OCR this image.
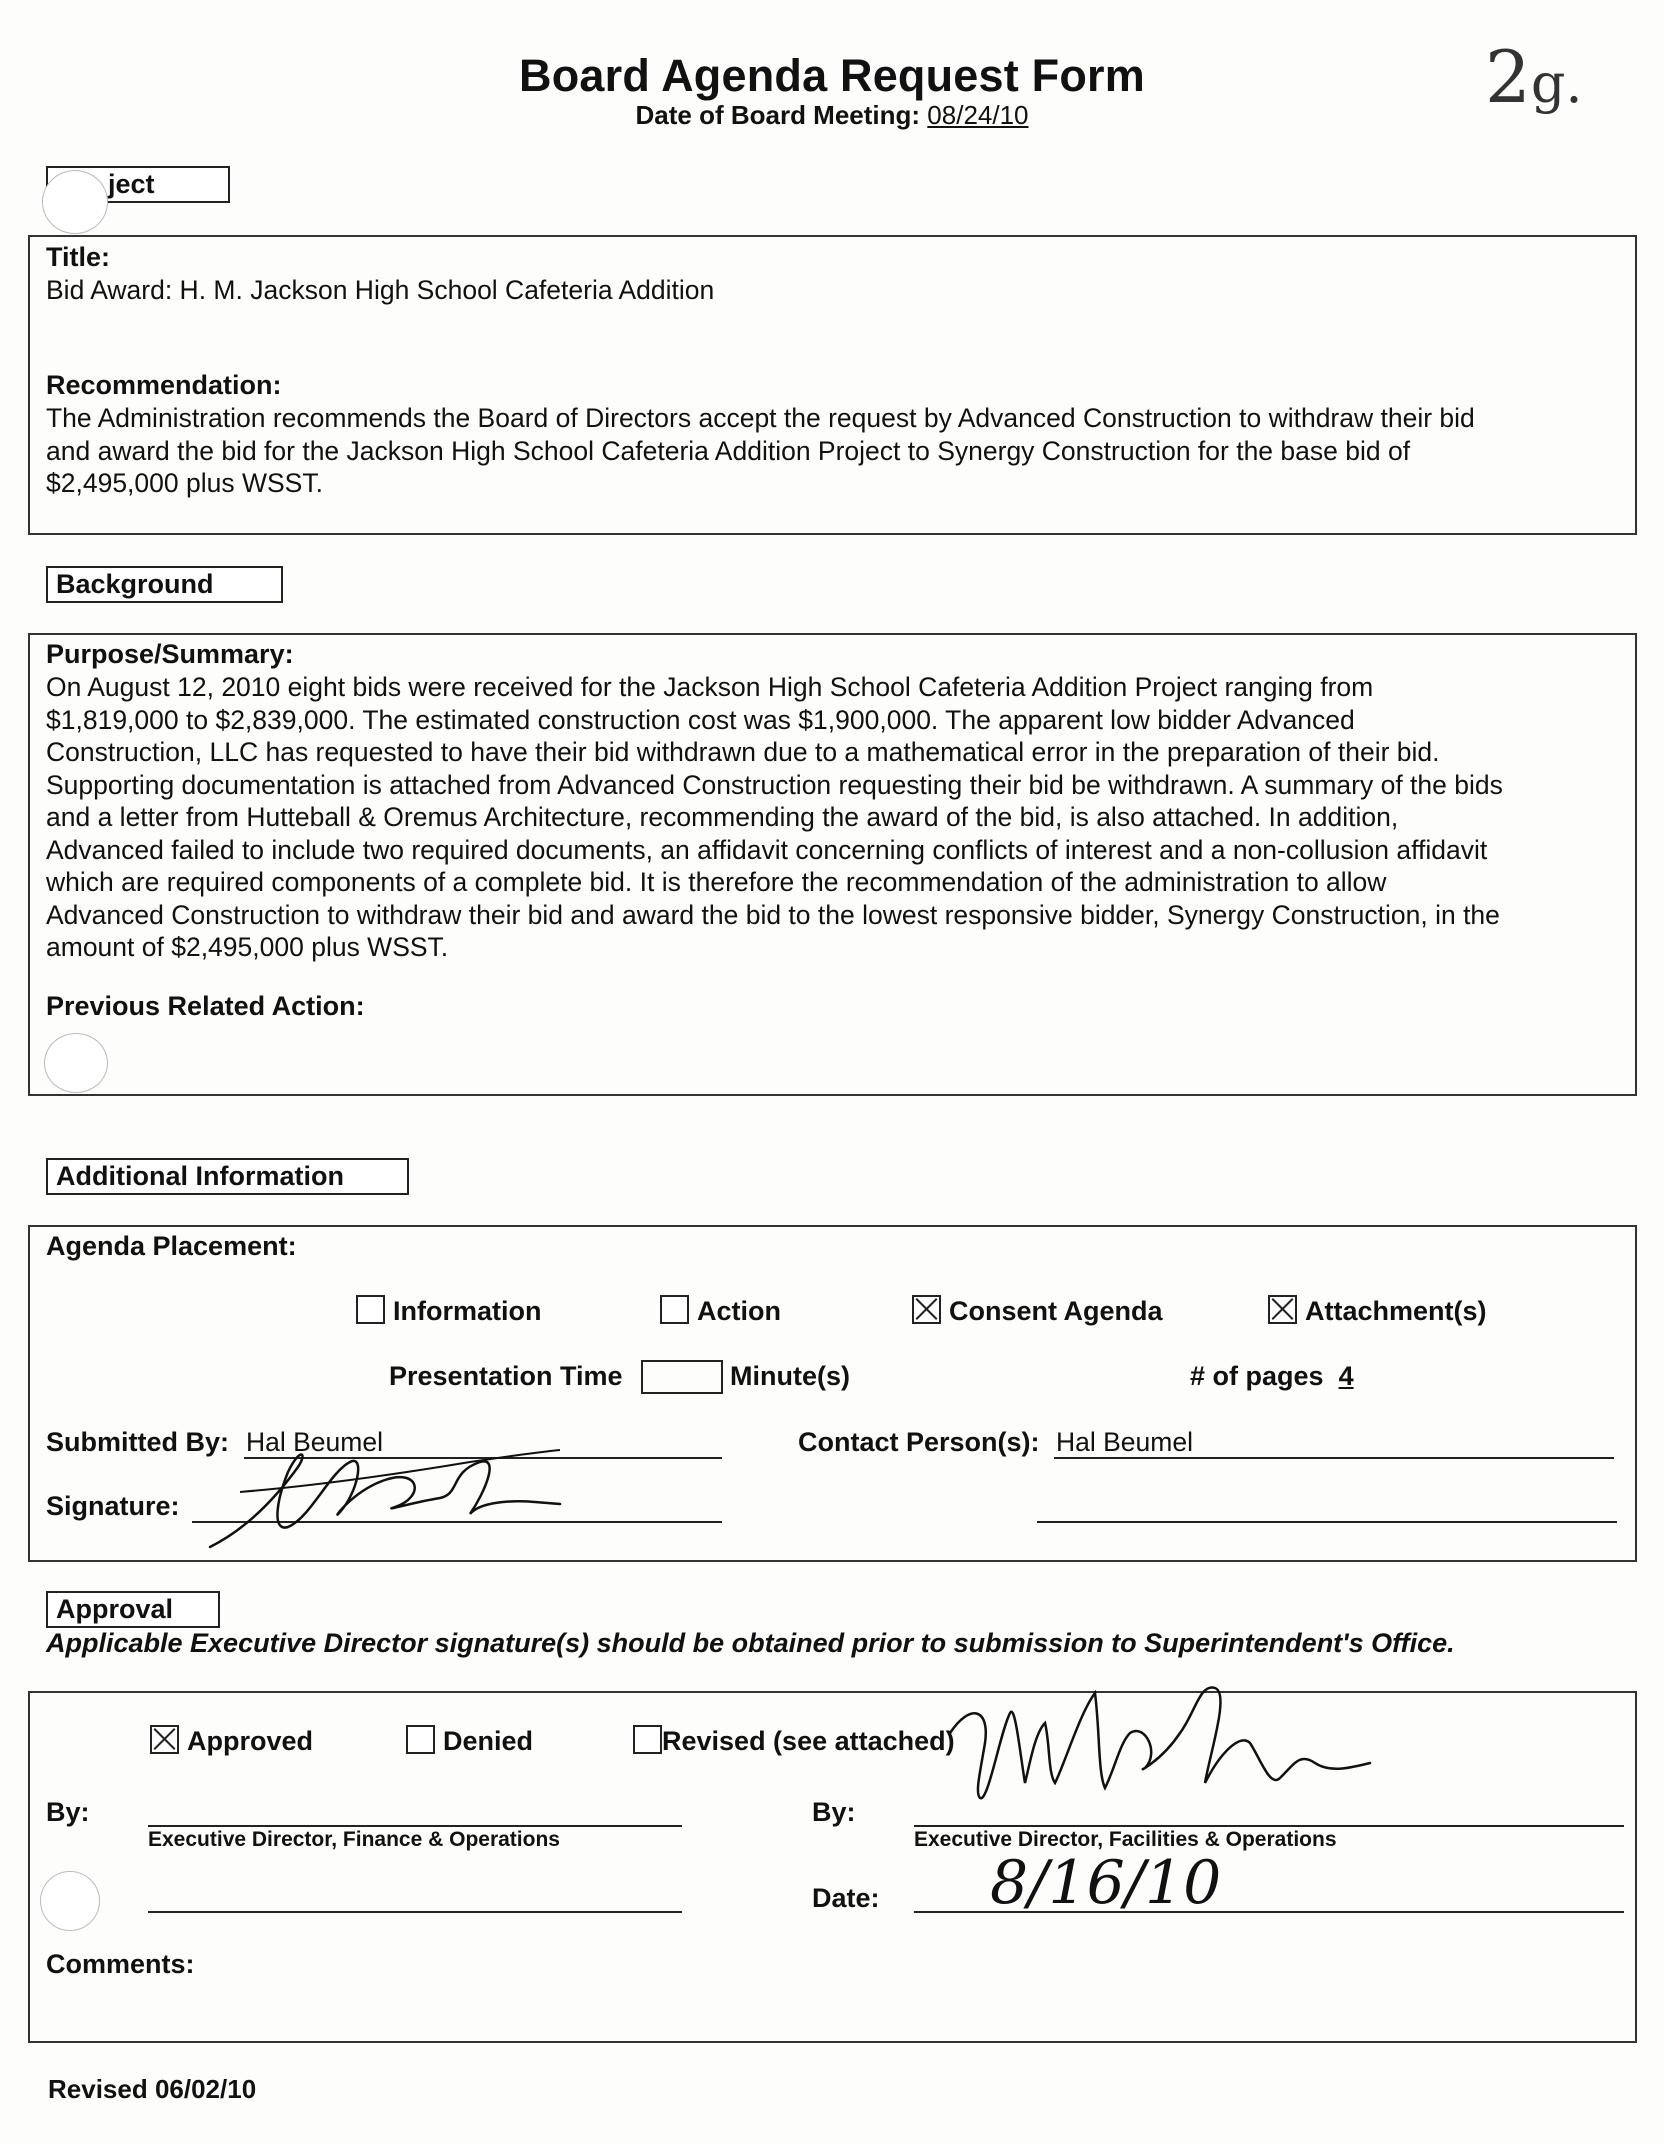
Board Agenda Request Form
Date of Board Meeting: 08/24/10	2g.
ject
Title:
Bid Award: H. M. Jackson High School Cafeteria Addition
Recommendation:
The Administration recommends the Board of Directors accept the request by Advanced Construction to withdraw their bid
and award the bid for the Jackson High School Cafeteria Addition Project to Synergy Construction for the base bid of
$2,495,000 plus WSST.
Background
Purpose/Summary:
On August 12, 2010 eight bids were received for the Jackson High School Cafeteria Addition Project ranging from
$1,819,000 to $2,839,000. The estimated construction cost was $1,900,000. The apparent low bidder Advanced
Construction, LLC has requested to have their bid withdrawn due to a mathematical error in the preparation of their bid.
Supporting documentation is attached from Advanced Construction requesting their bid be withdrawn. A summary of the bids
and a letter from Hutteball & Oremus Architecture, recommending the award of the bid, is also attached. In addition,
Advanced failed to include two required documents, an affidavit concerning conflicts of interest and a non-collusion affidavit
which are required components of a complete bid. It is therefore the recommendation of the administration to allow
Advanced Construction to withdraw their bid and award the bid to the lowest responsive bidder, Synergy Construction, in the
amount of $2,495,000 plus WSST.
Previous Related Action:
Additional Information
Agenda Placement:
Information	Action	Consent Agenda	Attachment(s)
Presentation Time	Minute(s)	# of pages 4
Submitted By: Hal Beumel	Contact Person(s): Hal Beumel
Signature:
Approval
Applicable Executive Director signature(s) should be obtained prior to submission to Superintendent's Office.
Approved	Denied	Revised (see attached)
By:
Executive Director, Finance & Operations
By:
Executive Director, Facilities & Operations
Date: 8/16/10
Comments:
Revised 06/02/10
